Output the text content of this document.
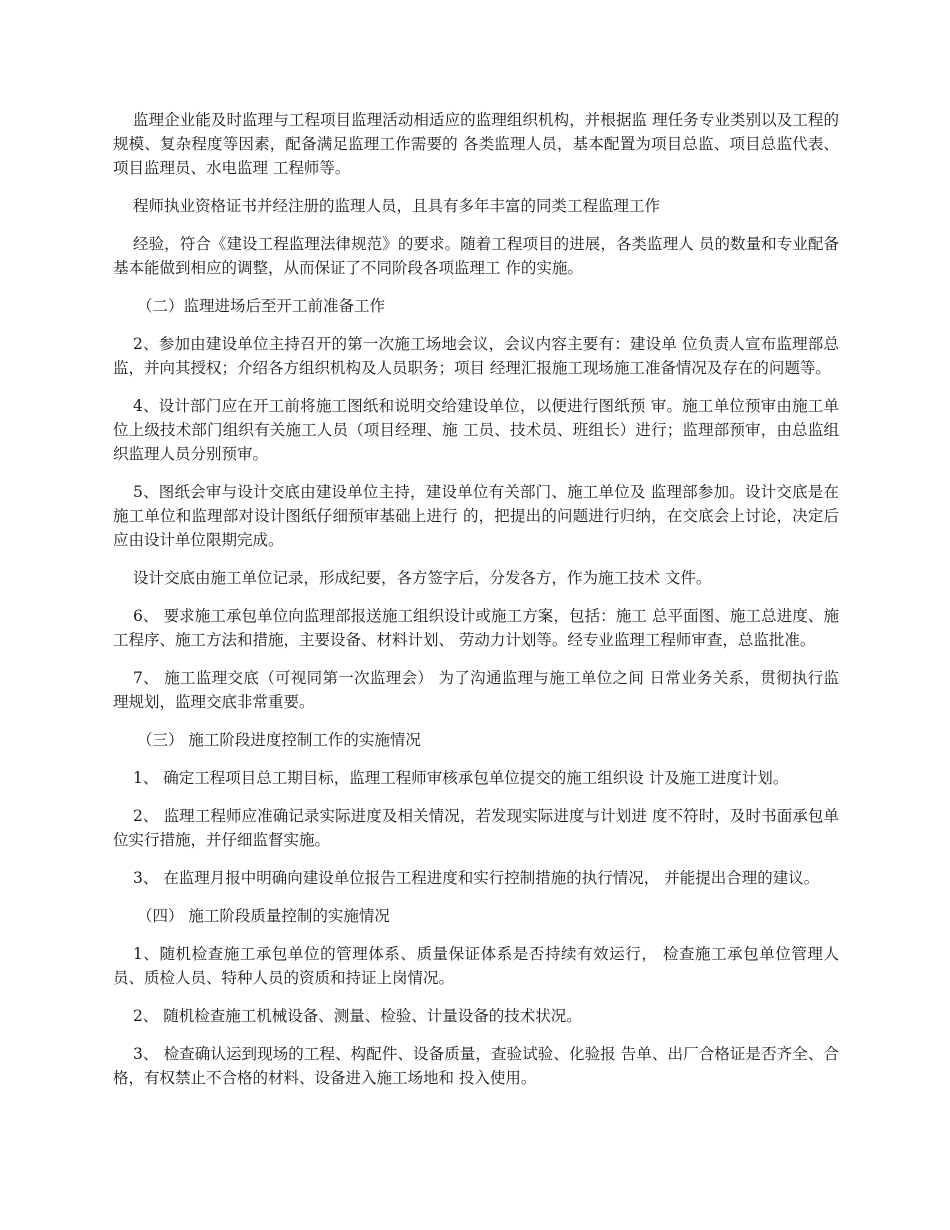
监理企业能及时监理与工程项目监理活动相适应的监理组织机构，并根据监 理任务专业类别以及工程的规模、复杂程度等因素，配备满足监理工作需要的 各类监理人员，基本配置为项目总监、项目总监代表、项目监理员、水电监理 工程师等。

程师执业资格证书并经注册的监理人员，且具有多年丰富的同类工程监理工作

经验，符合《建设工程监理法律规范》的要求。随着工程项目的进展，各类监理人 员的数量和专业配备基本能做到相应的调整，从而保证了不同阶段各项监理工 作的实施。

（二）监理进场后至开工前准备工作

2、参加由建设单位主持召开的第一次施工场地会议，会议内容主要有：建设单 位负责人宣布监理部总监，并向其授权；介绍各方组织机构及人员职务；项目 经理汇报施工现场施工准备情况及存在的问题等。

4、设计部门应在开工前将施工图纸和说明交给建设单位，以便进行图纸预 审。施工单位预审由施工单位上级技术部门组织有关施工人员（项目经理、施 工员、技术员、班组长）进行；监理部预审，由总监组织监理人员分别预审。

5、图纸会审与设计交底由建设单位主持，建设单位有关部门、施工单位及 监理部参加。设计交底是在施工单位和监理部对设计图纸仔细预审基础上进行 的，把提出的问题进行归纳，在交底会上讨论，决定后应由设计单位限期完成。

设计交底由施工单位记录，形成纪要，各方签字后，分发各方，作为施工技术 文件。

6、 要求施工承包单位向监理部报送施工组织设计或施工方案，包括：施工 总平面图、施工总进度、施工程序、施工方法和措施，主要设备、材料计划、 劳动力计划等。经专业监理工程师审查，总监批准。

7、 施工监理交底（可视同第一次监理会） 为了沟通监理与施工单位之间 日常业务关系，贯彻执行监理规划，监理交底非常重要。

（三） 施工阶段进度控制工作的实施情况

1、 确定工程项目总工期目标，监理工程师审核承包单位提交的施工组织设 计及施工进度计划。

2、 监理工程师应准确记录实际进度及相关情况，若发现实际进度与计划进 度不符时，及时书面承包单位实行措施，并仔细监督实施。

3、 在监理月报中明确向建设单位报告工程进度和实行控制措施的执行情况， 并能提出合理的建议。

（四） 施工阶段质量控制的实施情况

1、随机检查施工承包单位的管理体系、质量保证体系是否持续有效运行， 检查施工承包单位管理人员、质检人员、特种人员的资质和持证上岗情况。

2、 随机检查施工机械设备、测量、检验、计量设备的技术状况。

3、 检查确认运到现场的工程、构配件、设备质量，查验试验、化验报 告单、出厂合格证是否齐全、合格，有权禁止不合格的材料、设备进入施工场地和 投入使用。
